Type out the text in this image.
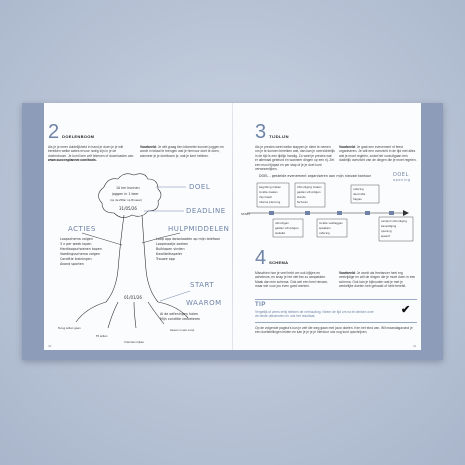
2 DOELENBOOM
Als je je meer duidelijkheid in hand je doen je je wilt bereiken welke acties ervoor nodig zijn in je de doelenboom. Je kunt hem zelf tekenen of downloaden van: www.succesplanner.com/tools.
Voorbeeld: Je wilt graag tien kilometer kunnen joggen en wordt in totaal te brengen wat je hiervoor doet te doen, wanneer je je doelboom je, wat je kent hebben.
10 km kunnen
joggen in 1 keer
(op de Zitter op Brussel)
31/05/26
01/01/26
Terug willen gaan
Fit willen
Vrienden kijken
Geven in een Loop
ACTIES
Loopschema volgen
3 x per week lopen
Hardloopschoenen kopen
Voedingsschema volgen
Conditie trainingen
Avond sporten
DOEL
DEADLINE
HULPMIDDELEN
Loop app downloaden op mijn telefoon
Loopmaatje zoeken
Buiklopen vinden
Kwaliteitsspeler
Trouwe app
START
WAAROM
Al de oefeningen halen
Mijn conditie verbeteren
40
3 TIJDLIJN
Als je precies weet welke stappen je dient te nemen om je te kunnen bereiken wat, dan kan je overzichtelijk in de tijd is een tijdlijn handig. Zo weet je precies wat er allemaal gebeurd en wanneer dingen op een rij. Zet een mooi tijdpad en per stap of je je doel kunt verwezenlijken.
Voorbeeld: Je gaat een evenement of feest organiseren. Je wilt een overzicht in de tijd met alles wat je moet regelen, zodat het vooruitgaan een duidelijk overzicht van de dingen die je moet regelen.
DOEL - gestelde evenement organiseren aan mijn nieuwe kantoor	DOEL
opening
START
begroting maken
locatie zoeken
mijn team
interne planning
Uitnodiging maken
gasten uitnodigen
stands
facturen
catering
decoratie
hapjes
uitnodigen
gasten uitnodigen
website
locatie vastleggen
speakers
catering
verzend uitnodiging
bevestiging
opening
speech
4 SCHEMA
Misschien hoe je veel hebt om ook kijkjes en acheteurs, en snap je het niet fan zo aanpakken. Maak dan een schema. Ook wel een heel nieuwe, maar wie voor jou even goed werken.
Voorbeeld: Je wordt als freelancer heel erg veelzijdige en wilt de dingen die je moet doen in een schema. Ook kan je bijhouden wat je met je werkelijke doelen heb gehaald of hebt bereikt.
TIP
Vergelijk of wees erbij hebben de verhouding. Neem de tijd om na te denken over de beste uitkomsten en ook het resultaat.
✔
Op de volgende pagina's kun je zelf die weg gaan met jouw doelen. Ken het eind van. Wil maandagavond je een doelstellingen leiden en kan je je je je hierdoor ook nog kunt opschrijven.
41
